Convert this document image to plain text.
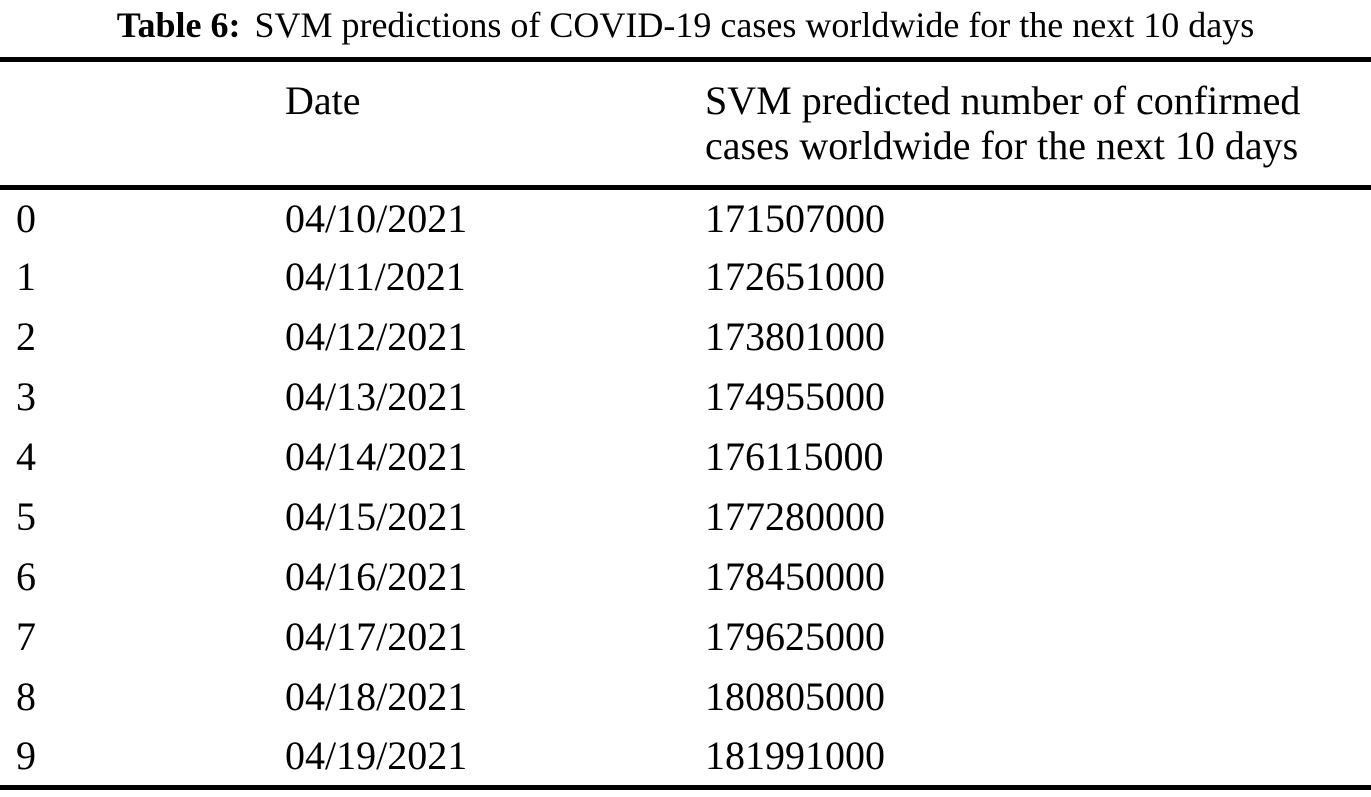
Table 6: SVM predictions of COVID-19 cases worldwide for the next 10 days
	Date	SVM predicted number of confirmed cases worldwide for the next 10 days
0	04/10/2021	171507000
1	04/11/2021	172651000
2	04/12/2021	173801000
3	04/13/2021	174955000
4	04/14/2021	176115000
5	04/15/2021	177280000
6	04/16/2021	178450000
7	04/17/2021	179625000
8	04/18/2021	180805000
9	04/19/2021	181991000
